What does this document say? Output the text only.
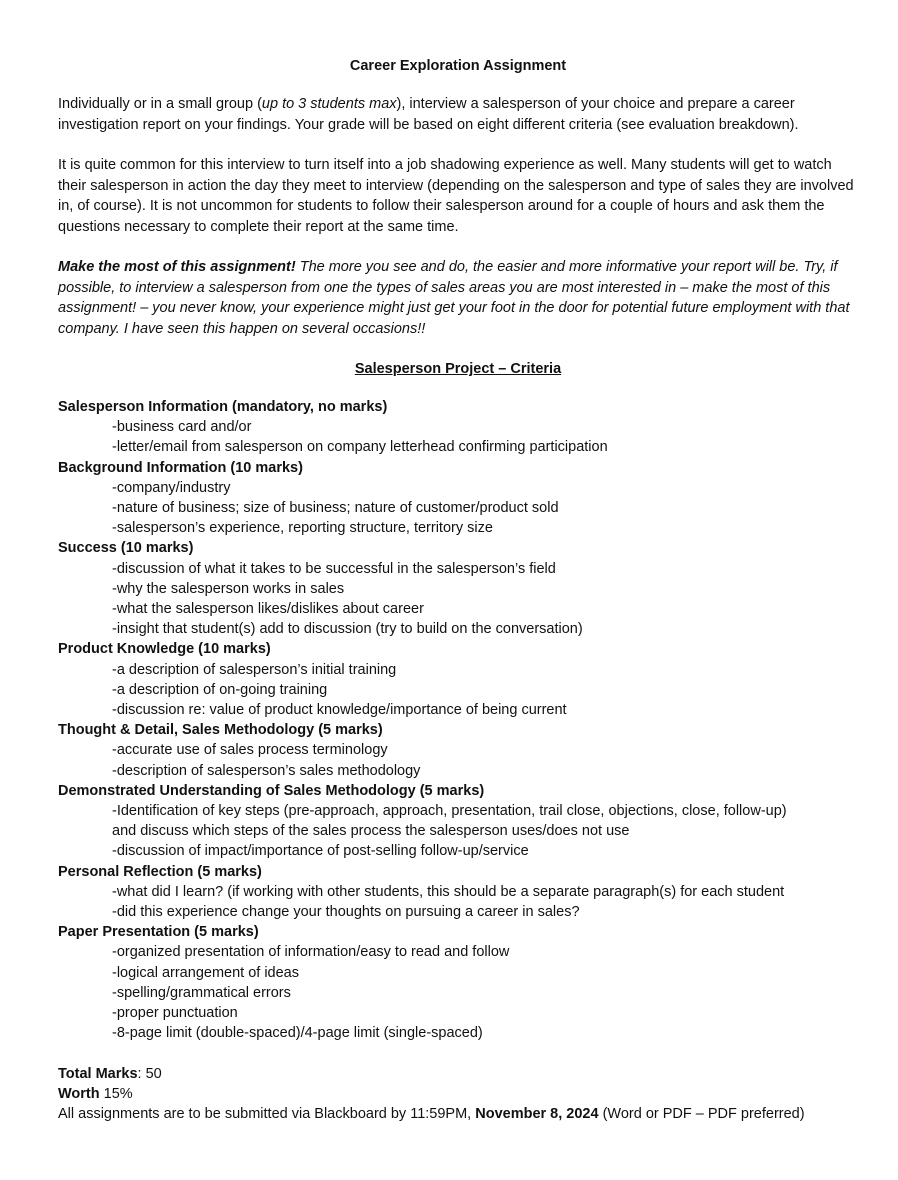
Career Exploration Assignment

Individually or in a small group (up to 3 students max), interview a salesperson of your choice and prepare a career investigation report on your findings. Your grade will be based on eight different criteria (see evaluation breakdown).

It is quite common for this interview to turn itself into a job shadowing experience as well. Many students will get to watch their salesperson in action the day they meet to interview (depending on the salesperson and type of sales they are involved in, of course). It is not uncommon for students to follow their salesperson around for a couple of hours and ask them the questions necessary to complete their report at the same time.

Make the most of this assignment! The more you see and do, the easier and more informative your report will be. Try, if possible, to interview a salesperson from one the types of sales areas you are most interested in – make the most of this assignment! – you never know, your experience might just get your foot in the door for potential future employment with that company. I have seen this happen on several occasions!!

Salesperson Project – Criteria
Salesperson Information (mandatory, no marks)
-business card and/or
-letter/email from salesperson on company letterhead confirming participation
Background Information (10 marks)
-company/industry
-nature of business; size of business; nature of customer/product sold
-salesperson’s experience, reporting structure, territory size
Success (10 marks)
-discussion of what it takes to be successful in the salesperson’s field
-why the salesperson works in sales
-what the salesperson likes/dislikes about career
-insight that student(s) add to discussion (try to build on the conversation)
Product Knowledge (10 marks)
-a description of salesperson’s initial training
-a description of on-going training
-discussion re: value of product knowledge/importance of being current
Thought & Detail, Sales Methodology (5 marks)
-accurate use of sales process terminology
-description of salesperson’s sales methodology
Demonstrated Understanding of Sales Methodology (5 marks)
-Identification of key steps (pre-approach, approach, presentation, trail close, objections, close, follow-up)
and discuss which steps of the sales process the salesperson uses/does not use
-discussion of impact/importance of post-selling follow-up/service
Personal Reflection (5 marks)
-what did I learn? (if working with other students, this should be a separate paragraph(s) for each student
-did this experience change your thoughts on pursuing a career in sales?
Paper Presentation (5 marks)
-organized presentation of information/easy to read and follow
-logical arrangement of ideas
-spelling/grammatical errors
-proper punctuation
-8-page limit (double-spaced)/4-page limit (single-spaced)
Total Marks: 50
Worth 15%
All assignments are to be submitted via Blackboard by 11:59PM, November 8, 2024 (Word or PDF – PDF preferred)
